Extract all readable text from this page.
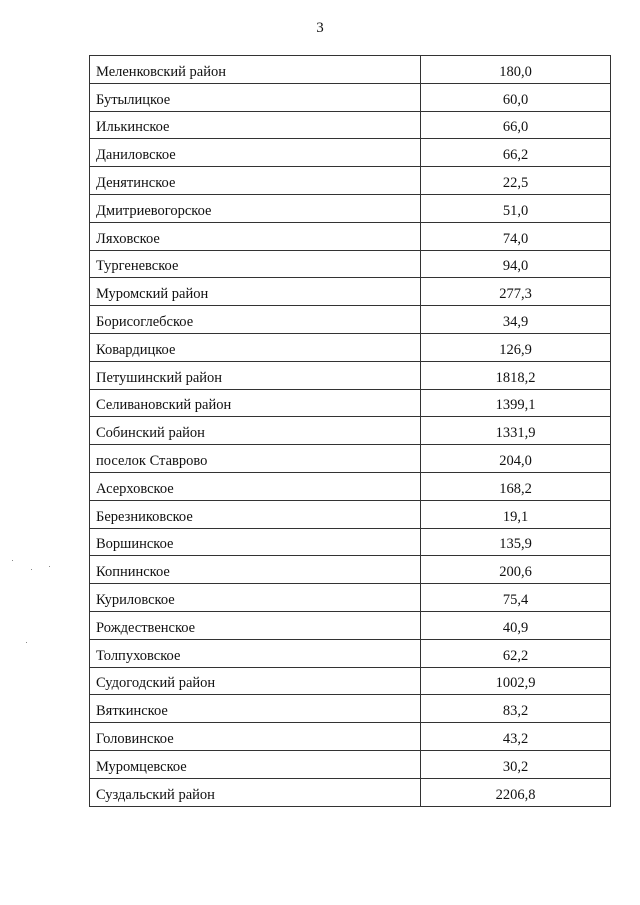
3
Меленковский район	180,0
Бутылицкое	60,0
Илькинское	66,0
Даниловское	66,2
Денятинское	22,5
Дмитриевогорское	51,0
Ляховское	74,0
Тургеневское	94,0
Муромский район	277,3
Борисоглебское	34,9
Ковардицкое	126,9
Петушинский район	1818,2
Селивановский район	1399,1
Собинский район	1331,9
поселок Ставрово	204,0
Асерховское	168,2
Березниковское	19,1
Воршинское	135,9
Копнинское	200,6
Куриловское	75,4
Рождественское	40,9
Толпуховское	62,2
Судогодский район	1002,9
Вяткинское	83,2
Головинское	43,2
Муромцевское	30,2
Суздальский район	2206,8
